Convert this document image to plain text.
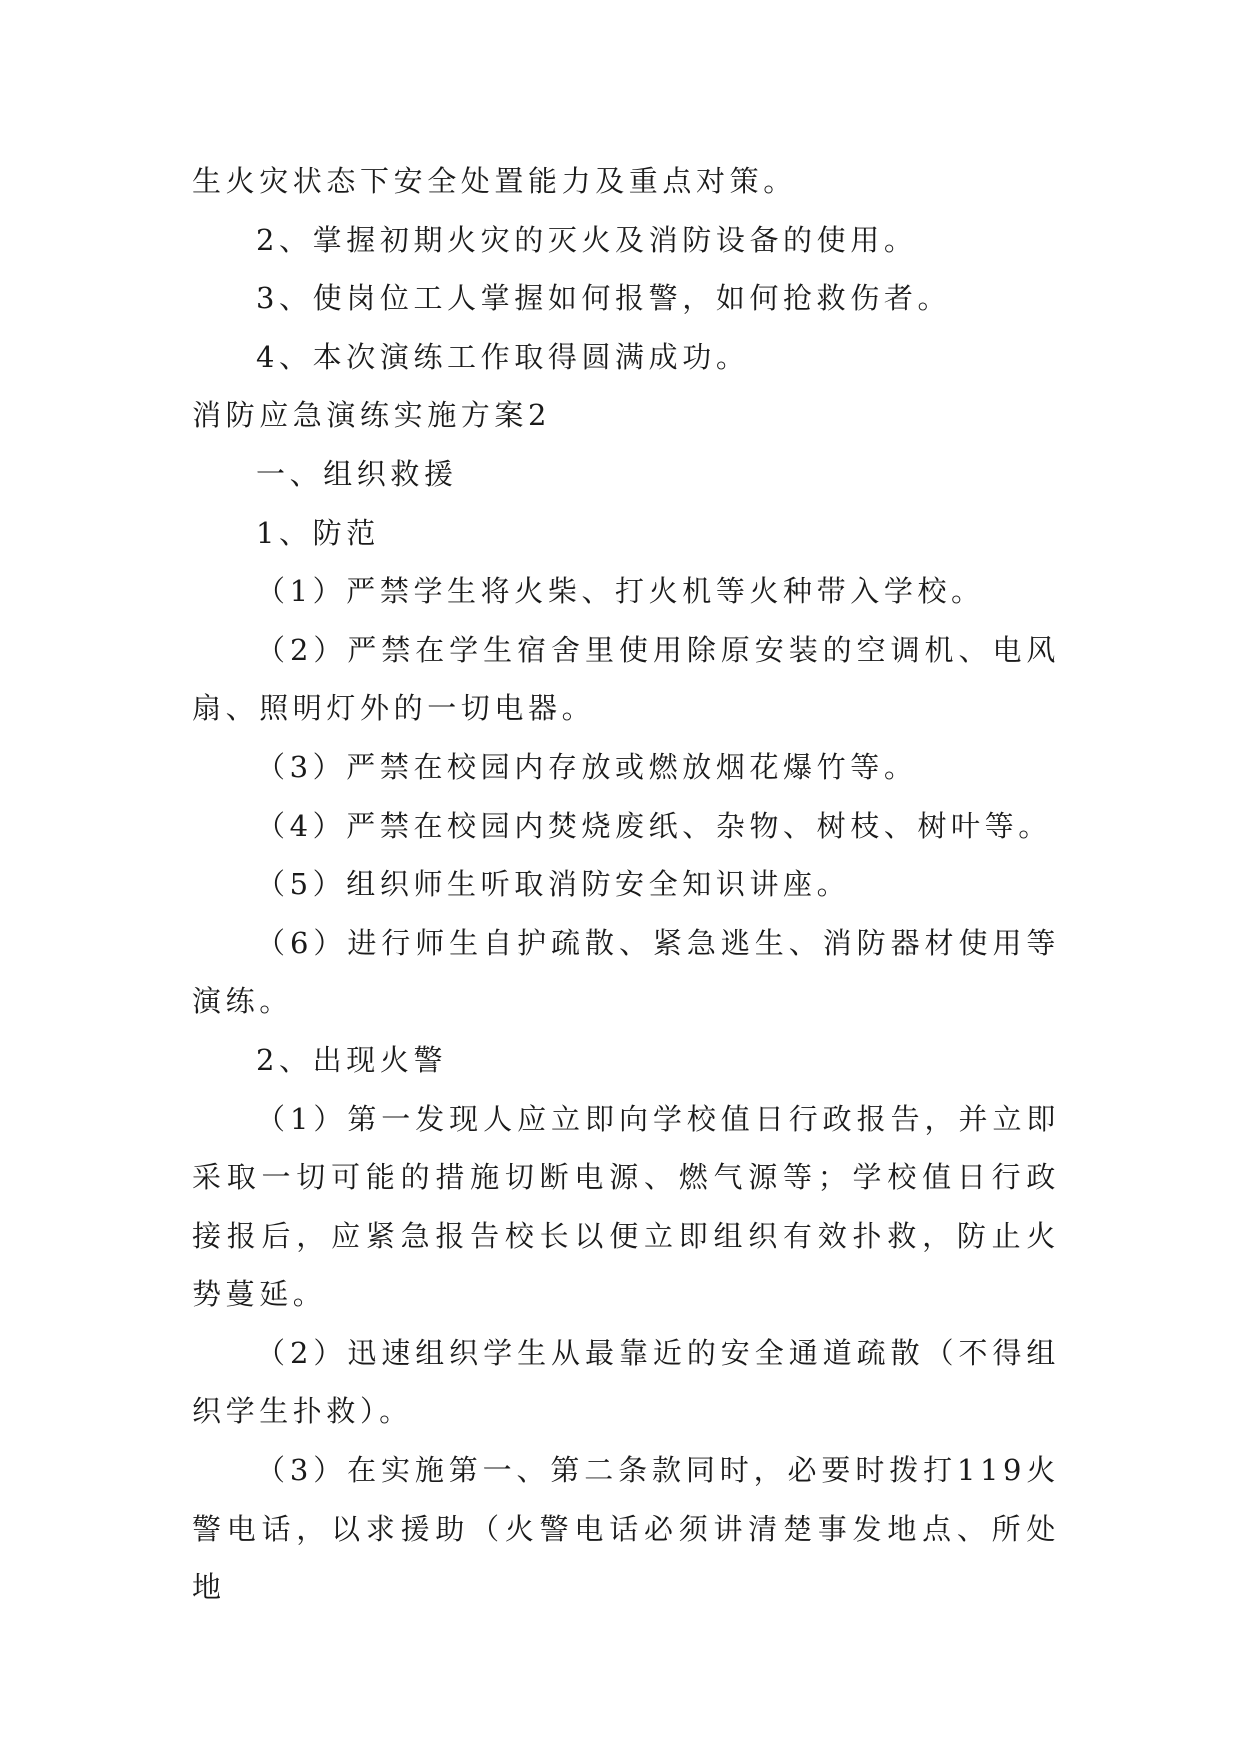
生火灾状态下安全处置能力及重点对策。

2、掌握初期火灾的灭火及消防设备的使用。

3、使岗位工人掌握如何报警，如何抢救伤者。

4、本次演练工作取得圆满成功。

消防应急演练实施方案2

一、组织救援

1、防范

（1）严禁学生将火柴、打火机等火种带入学校。

（2）严禁在学生宿舍里使用除原安装的空调机、电风扇、照明灯外的一切电器。

（3）严禁在校园内存放或燃放烟花爆竹等。

（4）严禁在校园内焚烧废纸、杂物、树枝、树叶等。

（5）组织师生听取消防安全知识讲座。

（6）进行师生自护疏散、紧急逃生、消防器材使用等演练。

2、出现火警

（1）第一发现人应立即向学校值日行政报告，并立即采取一切可能的措施切断电源、燃气源等；学校值日行政接报后，应紧急报告校长以便立即组织有效扑救，防止火势蔓延。

（2）迅速组织学生从最靠近的安全通道疏散（不得组织学生扑救）。

（3）在实施第一、第二条款同时，必要时拨打119火警电话，以求援助（火警电话必须讲清楚事发地点、所处地
